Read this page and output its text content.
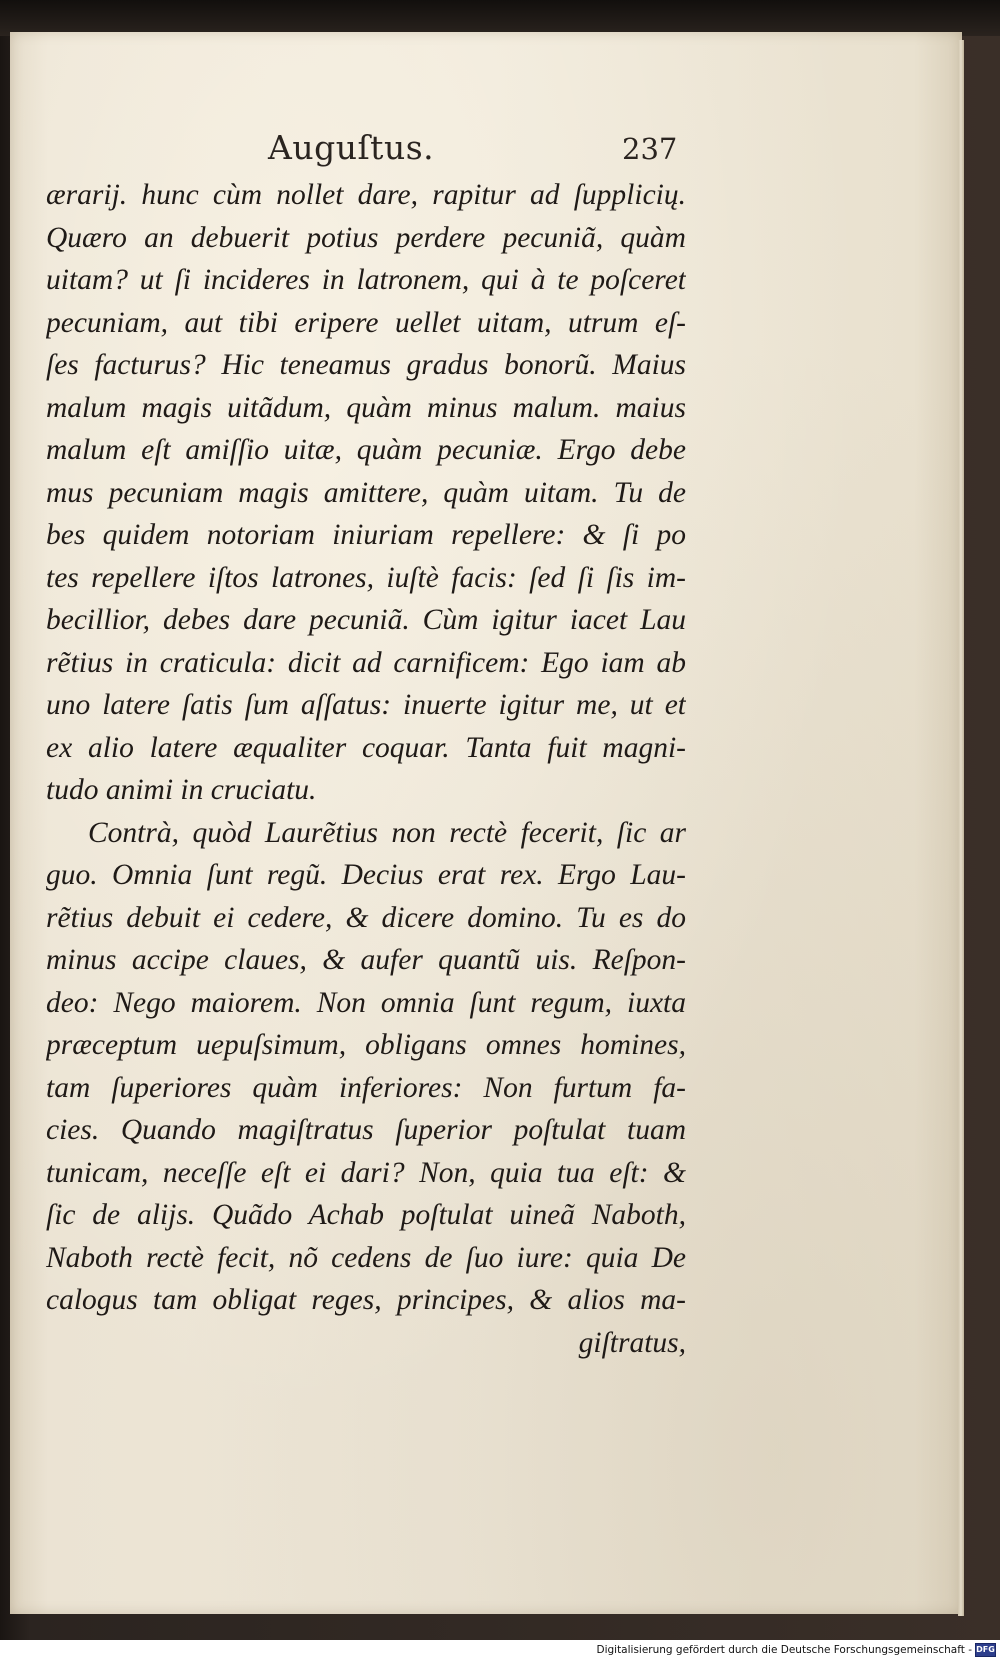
Auguſtus.	237
ærarij. hunc cùm nollet dare, rapitur ad ſupplicių.
Quæro an debuerit potius perdere pecuniã, quàm
uitam? ut ſi incideres in latronem, qui à te poſceret
pecuniam, aut tibi eripere uellet uitam, utrum eſ-
ſes facturus? Hic teneamus gradus bonorũ. Maius
malum magis uitãdum, quàm minus malum. maius
malum eſt amiſſio uitæ, quàm pecuniæ. Ergo debe
mus pecuniam magis amittere, quàm uitam. Tu de
bes quidem notoriam iniuriam repellere: & ſi po
tes repellere iſtos latrones, iuſtè facis: ſed ſi ſis im-
becillior, debes dare pecuniã. Cùm igitur iacet Lau
rẽtius in craticula: dicit ad carnificem: Ego iam ab
uno latere ſatis ſum aſſatus: inuerte igitur me, ut et
ex alio latere æqualiter coquar. Tanta fuit magni-
tudo animi in cruciatu.
Contrà, quòd Laurẽtius non rectè fecerit, ſic ar
guo. Omnia ſunt regũ. Decius erat rex. Ergo Lau-
rẽtius debuit ei cedere, & dicere domino. Tu es do
minus accipe claues, & aufer quantũ uis. Reſpon-
deo: Nego maiorem. Non omnia ſunt regum, iuxta
præceptum uериſsimum, obligans omnes homines,
tam ſuperiores quàm inferiores: Non furtum fa-
cies. Quando magiſtratus ſuperior poſtulat tuam
tunicam, neceſſe eſt ei dari? Non, quia tua eſt: &
ſic de alijs. Quãdo Achab poſtulat uineã Naboth,
Naboth rectè fecit, nõ cedens de ſuo iure: quia De
calogus tam obligat reges, principes, & alios ma-
giſtratus,
Digitalisierung gefördert durch die Deutsche Forschungsgemeinschaft - DFG
